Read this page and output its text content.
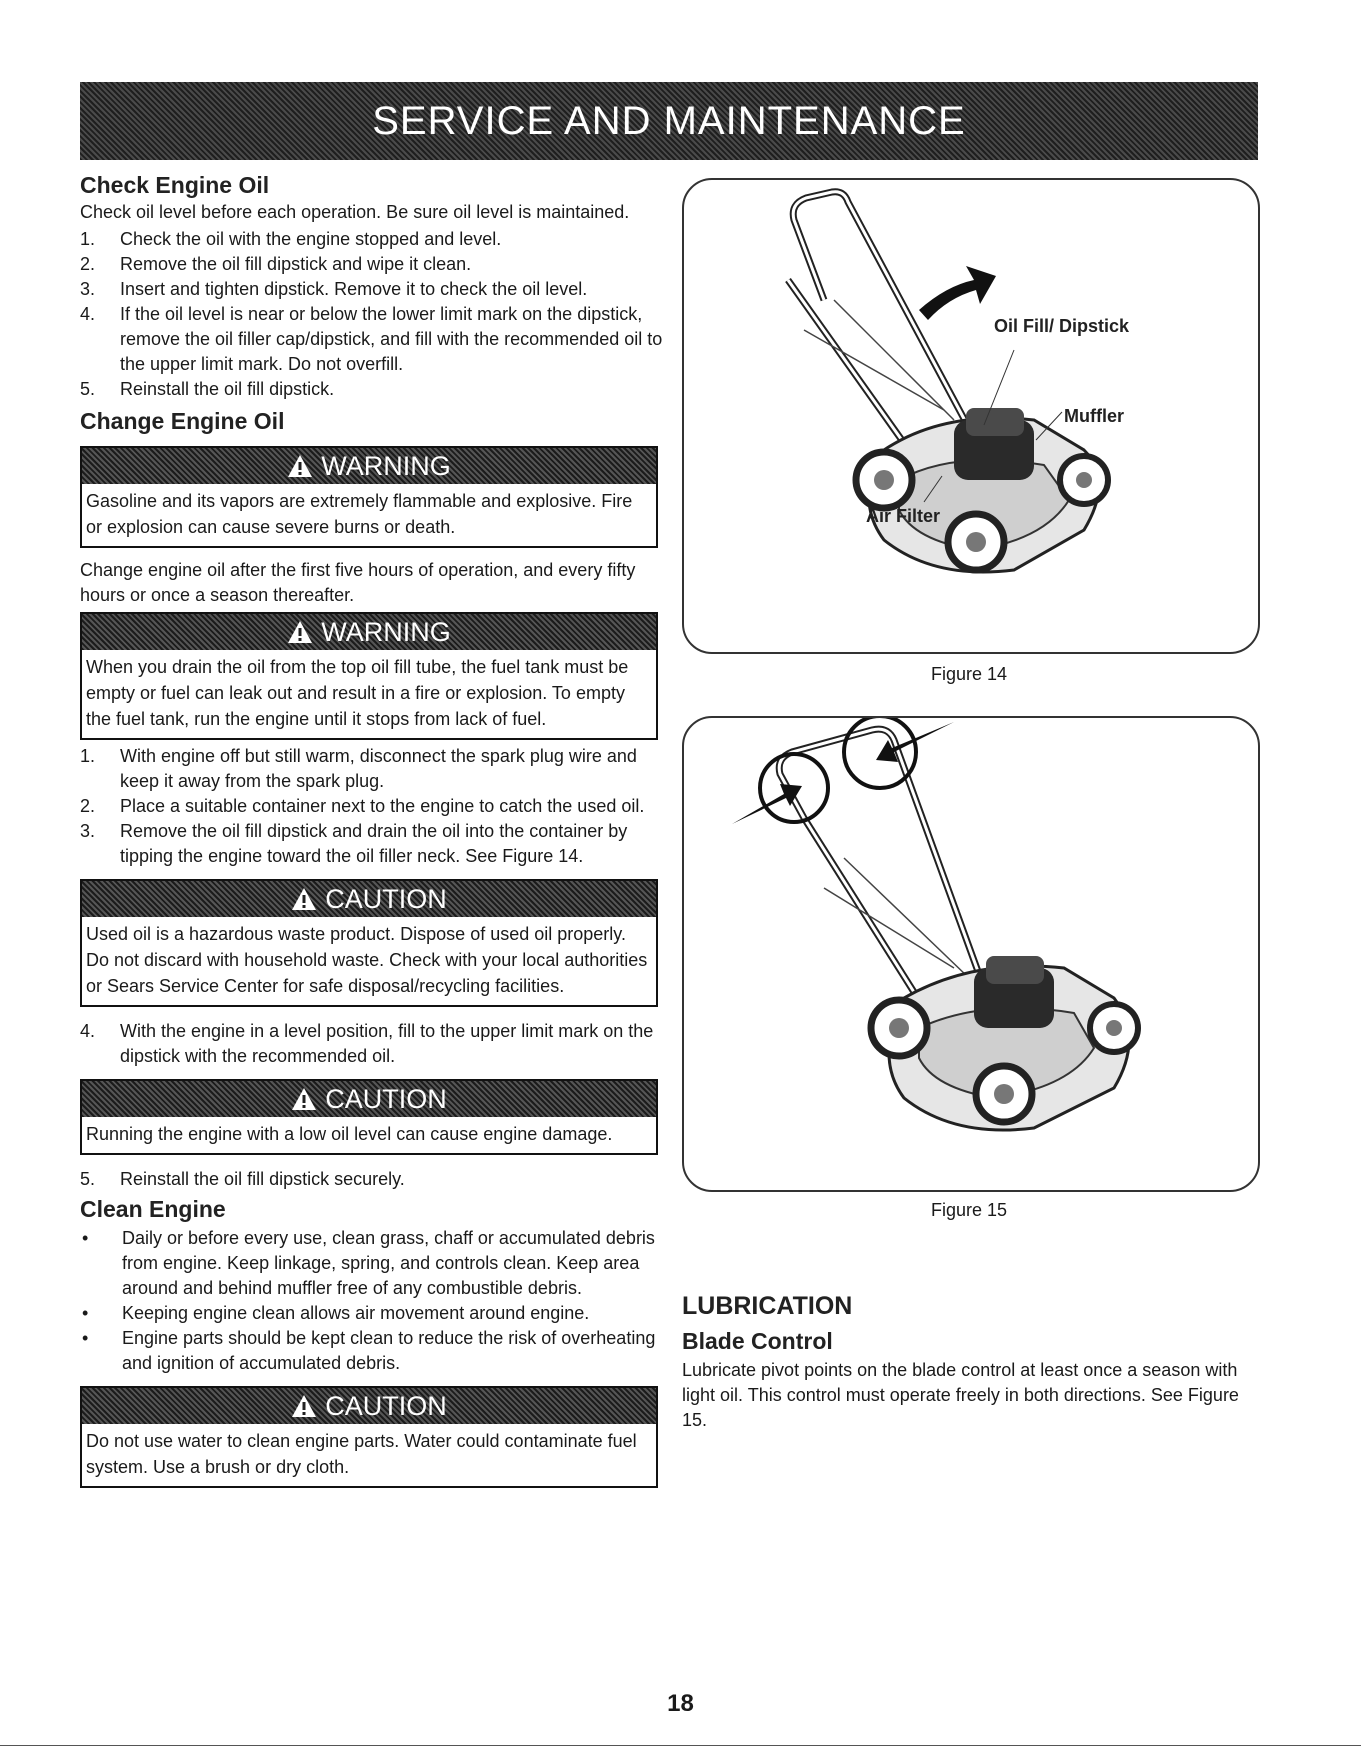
SERVICE AND MAINTENANCE
Check Engine Oil

Check oil level before each operation. Be sure oil level is maintained.

1.	Check the oil with the engine stopped and level.
2.	Remove the oil fill dipstick and wipe it clean.
3.	Insert and tighten dipstick. Remove it to check the oil level.
4.	If the oil level is near or below the lower limit mark on the dipstick, remove the oil filler cap/dipstick, and fill with the recommended oil to the upper limit mark. Do not overfill.
5.	Reinstall the oil fill dipstick.
Change Engine Oil
WARNING
Gasoline and its vapors are extremely flammable and explosive. Fire or explosion can cause severe burns or death.

Change engine oil after the first five hours of operation, and every fifty hours or once a season thereafter.

WARNING
When you drain the oil from the top oil fill tube, the fuel tank must be empty or fuel can leak out and result in a fire or explosion. To empty the fuel tank, run the engine until it stops from lack of fuel.
1.	With engine off but still warm, disconnect the spark plug wire and keep it away from the spark plug.
2.	Place a suitable container next to the engine to catch the used oil.
3.	Remove the oil fill dipstick and drain the oil into the container by tipping the engine toward the oil filler neck. See Figure 14.
CAUTION
Used oil is a hazardous waste product. Dispose of used oil properly. Do not discard with household waste. Check with your local authorities or Sears Service Center for safe disposal/recycling facilities.
4.	With the engine in a level position, fill to the upper limit mark on the dipstick with the recommended oil.
CAUTION
Running the engine with a low oil level can cause engine damage.
5.	Reinstall the oil fill dipstick securely.
Clean Engine
•	Daily or before every use, clean grass, chaff or accumulated debris from engine. Keep linkage, spring, and controls clean. Keep area around and behind muffler free of any combustible debris.
•	Keeping engine clean allows air movement around engine.
•	Engine parts should be kept clean to reduce the risk of overheating and ignition of accumulated debris.
CAUTION
Do not use water to clean engine parts. Water could contaminate fuel system. Use a brush or dry cloth.
Oil Fill/ Dipstick
Muffler
Air Filter
Figure 14
Figure 15
LUBRICATION
Blade Control

Lubricate pivot points on the blade control at least once a season with light oil. This control must operate freely in both directions. See Figure 15.

18
